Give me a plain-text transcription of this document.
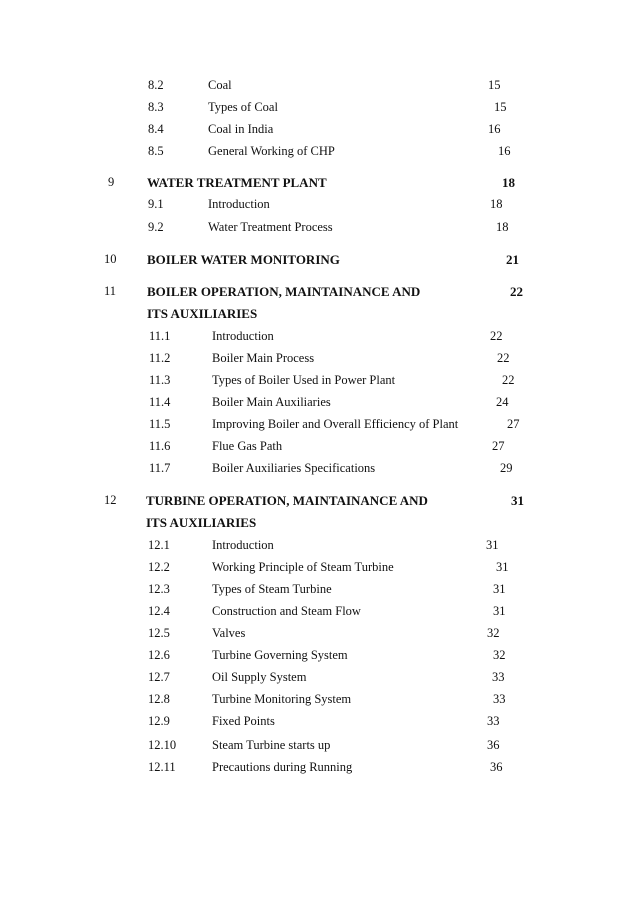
8.2	Coal	15
8.3	Types of Coal	15
8.4	Coal in India	16
8.5	General Working of CHP	16
9	WATER TREATMENT PLANT	18
9.1	Introduction	18
9.2	Water Treatment Process	18
10 BOILER WATER MONITORING	21
11 BOILER OPERATION, MAINTAINANCE AND	22
ITS AUXILIARIES
11.1	Introduction	22
11.2	Boiler Main Process	22
11.3	Types of Boiler Used in Power Plant	22
11.4	Boiler Main Auxiliaries	24
11.5	Improving Boiler and Overall Efficiency of Plant	27
11.6	Flue Gas Path	27
11.7	Boiler Auxiliaries Specifications	29
12 TURBINE OPERATION, MAINTAINANCE AND	31
ITS AUXILIARIES
12.1	Introduction	31
12.2	Working Principle of Steam Turbine	31
12.3	Types of Steam Turbine	31
12.4	Construction and Steam Flow	31
12.5	Valves	32
12.6	Turbine Governing System	32
12.7	Oil Supply System	33
12.8	Turbine Monitoring System	33
12.9	Fixed Points	33
12.10	Steam Turbine starts up	36
12.11	Precautions during Running	36
